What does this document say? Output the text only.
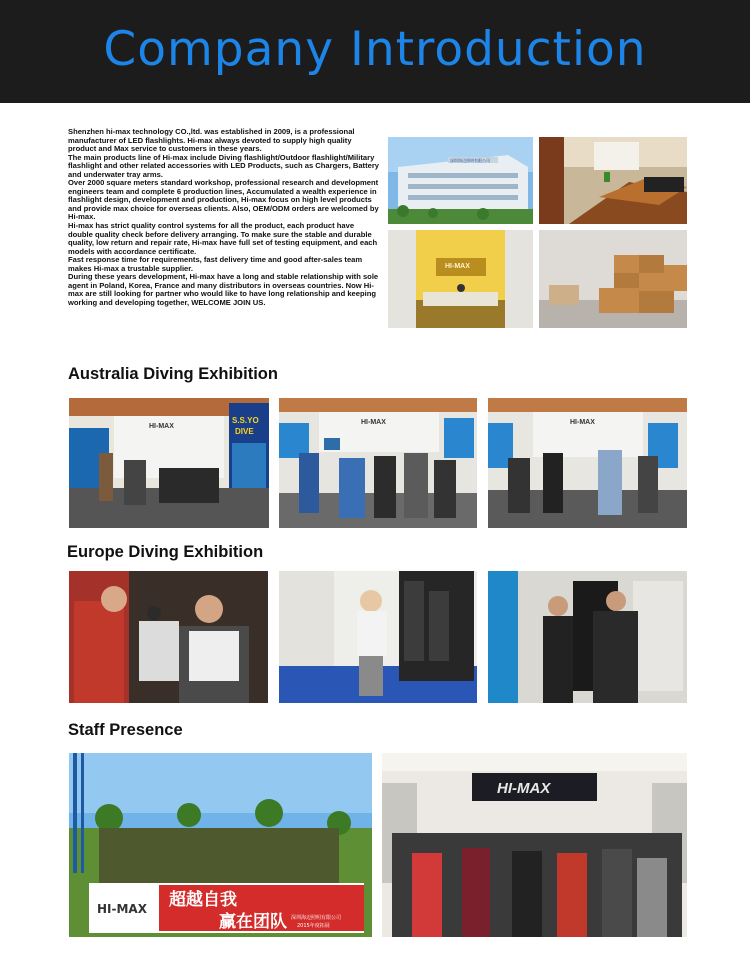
Company Introduction

Shenzhen hi-max technology CO.,ltd. was established in 2009, is a professional manufacturer of LED flashlights. Hi-max always devoted to supply high quality product and Max service to customers in these years.

The main products line of Hi-max include Diving flashlight/Outdoor flashlight/Military flashlight and other related accessories with LED Products, such as Chargers, Battery and underwater tray arms.

Over 2000 square meters standard workshop, professional research and development engineers team and complete 6 production lines, Accumulated a wealth experience in flashlight design, development and production, Hi-max focus on high level products and provide max choice for overseas clients. Also, OEM/ODM orders are welcomed by Hi-max.

Hi-max has strict quality control systems for all the product, each product have double quality check before delivery arranging. To make sure the stable and durable quality, low return and repair rate, Hi-max have full set of testing equipment, and each models with accordance certificate.

Fast response time for requirements, fast delivery time and good after-sales team makes Hi-max a trustable supplier.

During these years development, Hi-max have a long and stable relationship with sole agent in Poland, Korea, France and many distributors in overseas countries. Now Hi-max are still looking for partner who would like to have long relationship and keeping working and developing together, WELCOME JOIN US.

深圳海迈照明有限公司
HI-MAX
Australia Diving Exhibition
HI-MAX
S.S.YO
DIVE
HI-MAX	HI-MAX
Europe Diving Exhibition
Staff Presence
HI-MAX 超越自我
赢在团队 深圳海迈照明有限公司
2015年度拓展
HI-MAX
